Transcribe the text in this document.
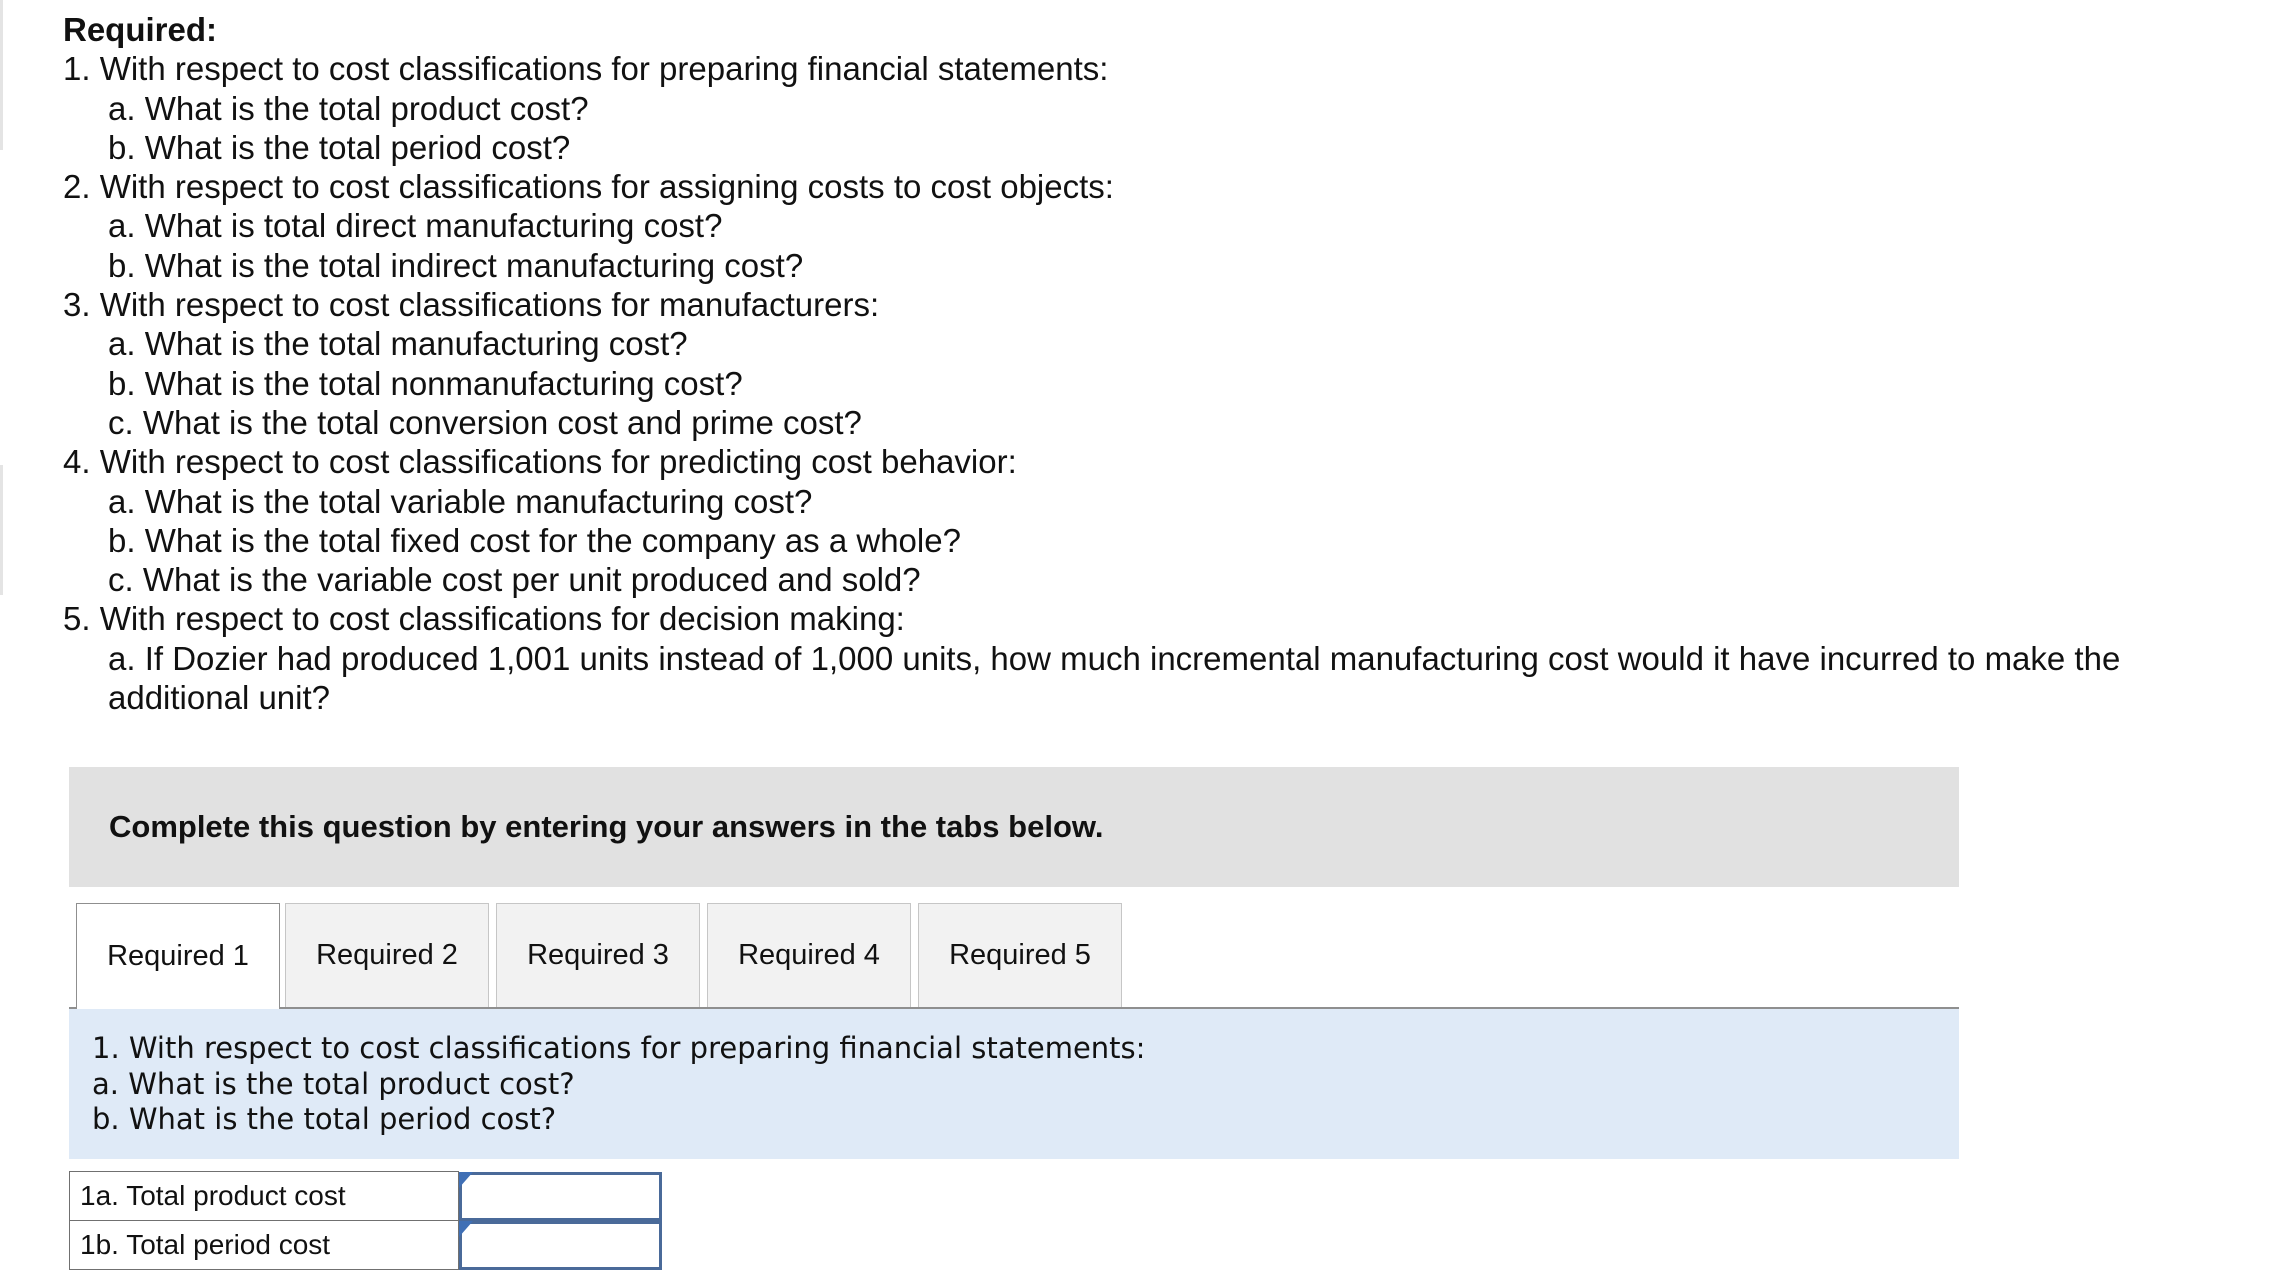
Required:
1. With respect to cost classifications for preparing financial statements:
a. What is the total product cost?
b. What is the total period cost?
2. With respect to cost classifications for assigning costs to cost objects:
a. What is total direct manufacturing cost?
b. What is the total indirect manufacturing cost?
3. With respect to cost classifications for manufacturers:
a. What is the total manufacturing cost?
b. What is the total nonmanufacturing cost?
c. What is the total conversion cost and prime cost?
4. With respect to cost classifications for predicting cost behavior:
a. What is the total variable manufacturing cost?
b. What is the total fixed cost for the company as a whole?
c. What is the variable cost per unit produced and sold?
5. With respect to cost classifications for decision making:
a. If Dozier had produced 1,001 units instead of 1,000 units, how much incremental manufacturing cost would it have incurred to make the additional unit?
Complete this question by entering your answers in the tabs below.
Required 1	Required 2	Required 3	Required 4	Required 5
1. With respect to cost classifications for preparing financial statements:
a. What is the total product cost?
b. What is the total period cost?
1a. Total product cost	

1b. Total period cost	
